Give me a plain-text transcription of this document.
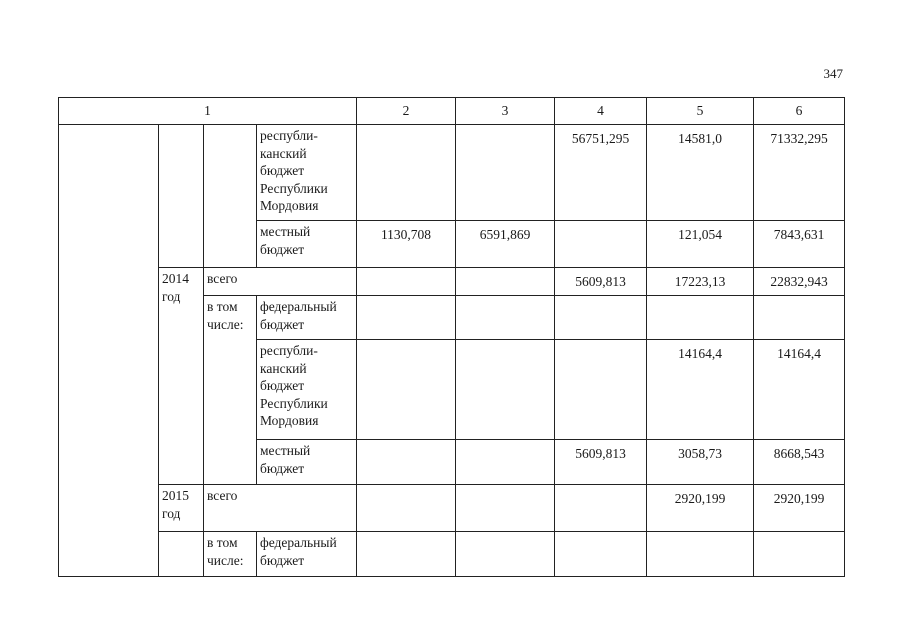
347
1				2	3	4	5	6

			республи-
канский
бюджет
Республики
Мордовия			56751,295	14581,0	71332,295

			местный
бюджет	1130,708	6591,869		121,054	7843,631

	2014
год	всего				5609,813	17223,13	22832,943

		в том
числе:	федеральный
бюджет					

			республи-
канский
бюджет
Республики
Мордовия				14164,4	14164,4

			местный
бюджет			5609,813	3058,73	8668,543

	2015
год	всего					2920,199	2920,199

		в том
числе:	федеральный
бюджет					
